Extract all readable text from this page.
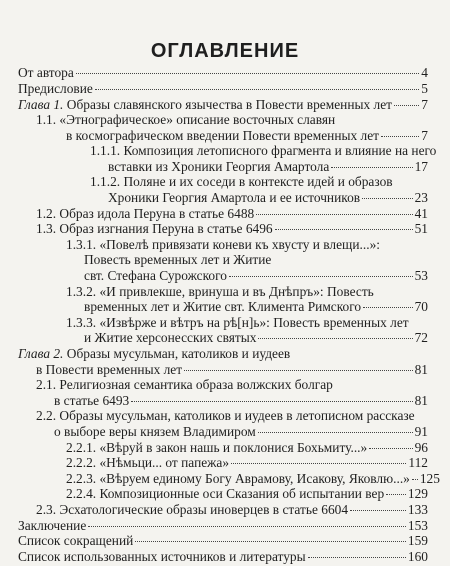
ОГЛАВЛЕНИЕ
От автора	4
Предисловие	5
Глава 1. Образы славянского язычества в Повести временных лет 7
1.1. «Этнографическое» описание восточных славян
в космографическом введении Повести временных лет	7
1.1.1. Композиция летописного фрагмента и влияние на него
вставки из Хроники Георгия Амартола	17
1.1.2. Поляне и их соседи в контексте идей и образов
Хроники Георгия Амартола и ее источников	23
1.2. Образ идола Перуна в статье 6488	41
1.3. Образ изгнания Перуна в статье 6496	51
1.3.1. «Повелѣ привязати коневи къ хвусту и влещи...»:
Повесть временных лет и Житие
свт. Стефана Сурожского	53
1.3.2. «И привлекше, вринуша и въ Днѣпръ»: Повесть
временных лет и Житие свт. Климента Римского	70
1.3.3. «Извѣрже и вѣтръ на рѣ[н]ь»: Повесть временных лет
и Житие херсонесских святых	72
Глава 2. Образы мусульман, католиков и иудеев
в Повести временных лет	81
2.1. Религиозная семантика образа волжских болгар
в статье 6493	81
2.2. Образы мусульман, католиков и иудеев в летописном рассказе
о выборе веры князем Владимиром	91
2.2.1. «Вѣруй в закон нашь и поклонися Бохьмиту...»	96
2.2.2. «Нѣмьци... от папежа»	112
2.2.3. «Вѣруем единому Богу Аврамову, Исакову, Яковлю...» 125
2.2.4. Композиционные оси Сказания об испытании вер 129
2.3. Эсхатологические образы иноверцев в статье 6604	133
Заключение	153
Список сокращений	159
Список использованных источников и литературы	160
